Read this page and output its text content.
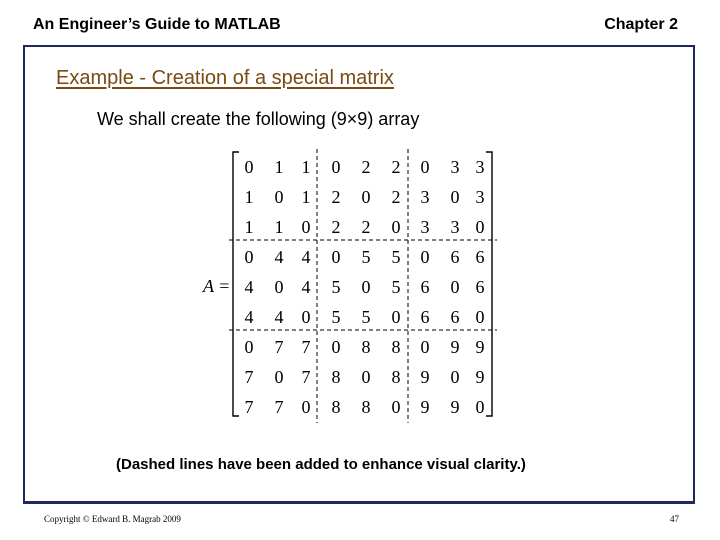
An Engineer’s Guide to MATLAB	Chapter 2
Example - Creation of a special matrix
We shall create the following (9×9) array
A =
0 1 1 0 2 2 0 3 3
1 0 1 2 0 2 3 0 3
1 1 0 2 2 0 3 3 0
0 4 4 0 5 5 0 6 6
4 0 4 5 0 5 6 0 6
4 4 0 5 5 0 6 6 0
0 7 7 0 8 8 0 9 9
7 0 7 8 0 8 9 0 9
7 7 0 8 8 0 9 9 0
(Dashed lines have been added to enhance visual clarity.)
Copyright © Edward B. Magrab 2009	47
